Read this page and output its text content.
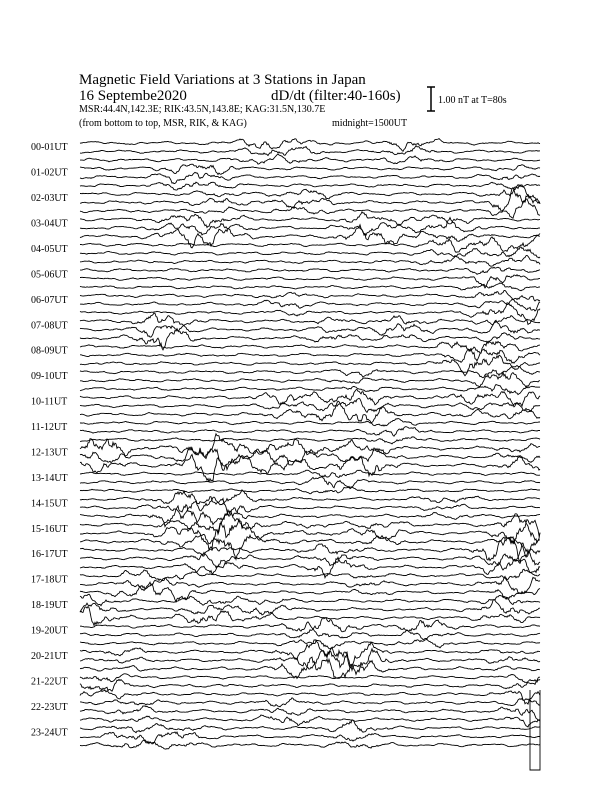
Magnetic Field Variations at 3 Stations in Japan
16 Septembe2020	dD/dt (filter:40-160s)
MSR:44.4N,142.3E; RIK:43.5N,143.8E; KAG:31.5N,130.7E
(from bottom to top, MSR, RIK, & KAG)	midnight=1500UT
1.00 nT at T=80s
00-01UT
01-02UT
02-03UT
03-04UT
04-05UT
05-06UT
06-07UT
07-08UT
08-09UT
09-10UT
10-11UT
11-12UT
12-13UT
13-14UT
14-15UT
15-16UT
16-17UT
17-18UT
18-19UT
19-20UT
20-21UT
21-22UT
22-23UT
23-24UT
